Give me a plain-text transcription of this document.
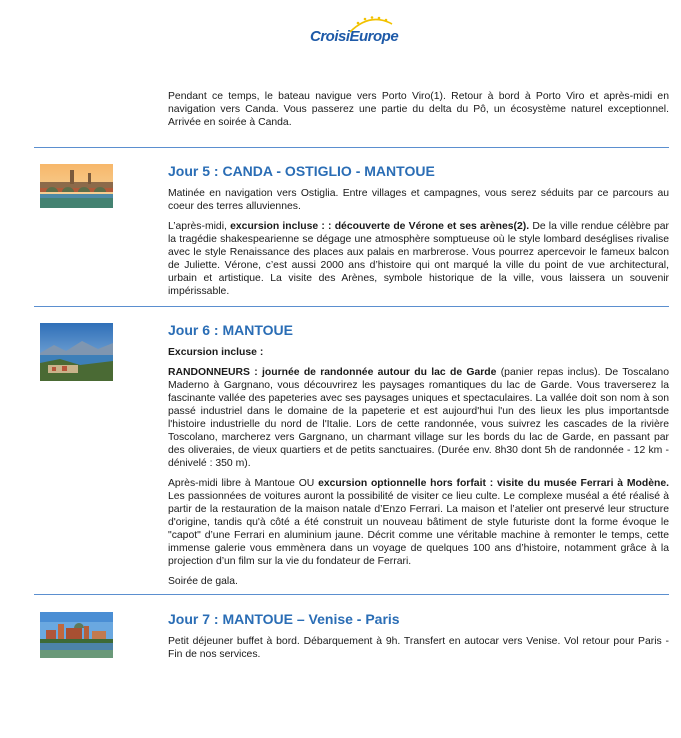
CroisiEurope

Pendant ce temps, le bateau navigue vers Porto Viro(1). Retour à bord à Porto Viro et après-midi en navigation vers Canda. Vous passerez une partie du delta du Pô, un écosystème naturel exceptionnel. Arrivée en soirée à Canda.

Jour 5 : CANDA - OSTIGLIO - MANTOUE

Matinée en navigation vers Ostiglia. Entre villages et campagnes, vous serez séduits par ce parcours au coeur des terres alluviennes.

L’après-midi, excursion incluse : : découverte de Vérone et ses arènes(2). De la ville rendue célèbre par la tragédie shakespearienne se dégage une atmosphère somptueuse où le style lombard deséglises rivalise avec le style Renaissance des places aux palais en marbrerose. Vous pourrez apercevoir le fameux balcon de Juliette. Vérone, c’est aussi 2000 ans d’histoire qui ont marqué la ville du point de vue architectural, urbain et artistique. La visite des Arènes, symbole historique de la ville, vous laissera un souvenir impérissable.

Jour 6 : MANTOUE

Excursion incluse :

RANDONNEURS : journée de randonnée autour du lac de Garde (panier repas inclus). De Toscalano Maderno à Gargnano, vous découvrirez les paysages romantiques du lac de Garde. Vous traverserez la fascinante vallée des papeteries avec ses paysages uniques et spectaculaires. La vallée doit son nom à son passé industriel dans le domaine de la papeterie et est aujourd'hui l'un des lieux les plus importantsde l'histoire industrielle du nord de l'Italie. Lors de cette randonnée, vous suivrez les cascades de la rivière Toscolano, marcherez vers Gargnano, un charmant village sur les bords du lac de Garde, en passant par des oliveraies, de vieux quartiers et de petits sanctuaires. (Durée env. 8h30 dont 5h de randonnée - 12 km - dénivelé : 350 m).

Après-midi libre à Mantoue OU excursion optionnelle hors forfait : visite du musée Ferrari à Modène. Les passionnées de voitures auront la possibilité de visiter ce lieu culte. Le complexe muséal a été réalisé à partir de la restauration de la maison natale d’Enzo Ferrari. La maison et l’atelier ont preservé leur structure d'origine, tandis qu'à côté a été construit un nouveau bâtiment de style futuriste dont la forme évoque le "capot" d’une Ferrari en aluminium jaune. Décrit comme une véritable machine à remonter le temps, cette immense galerie vous emmènera dans un voyage de quelques 100 ans d’histoire, notamment grâce à la projection d’un film sur la vie du fondateur de Ferrari.

Soirée de gala.

Jour 7 : MANTOUE – Venise - Paris

Petit déjeuner buffet à bord. Débarquement à 9h. Transfert en autocar vers Venise. Vol retour pour Paris - Fin de nos services.
